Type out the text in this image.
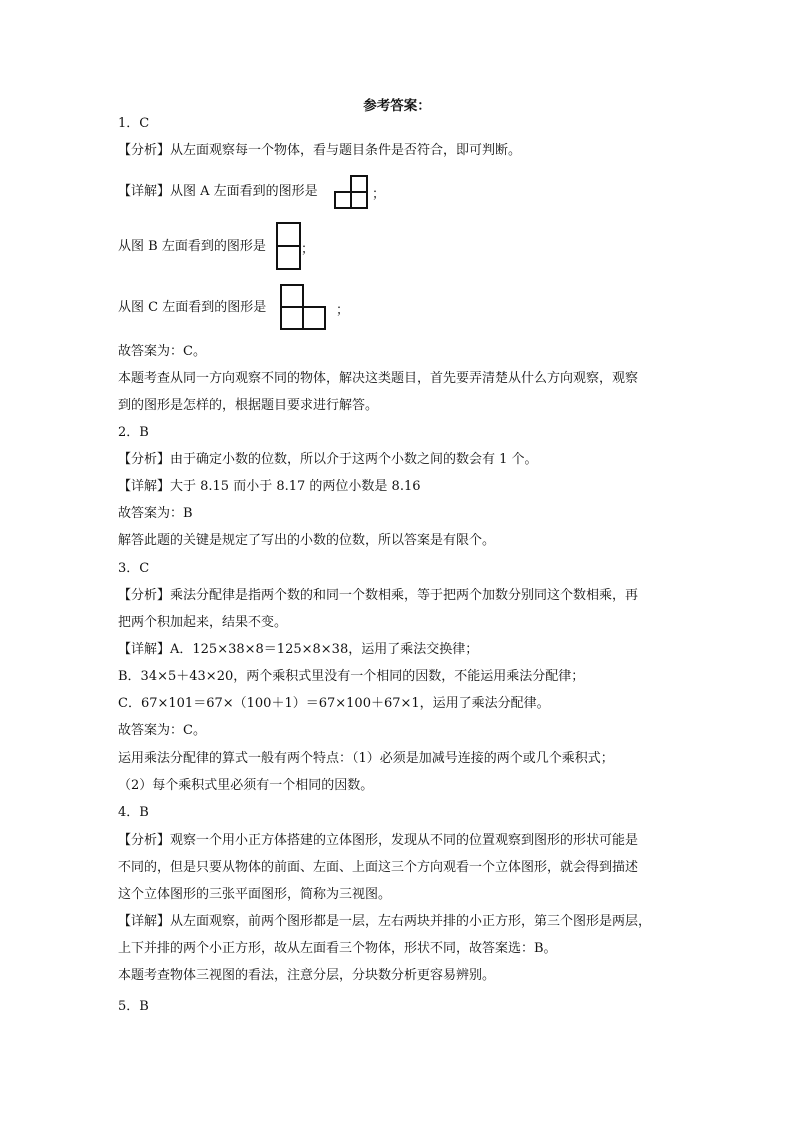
参考答案：
1．C
【分析】从左面观察每一个物体，看与题目条件是否符合，即可判断。
【详解】从图 A 左面看到的图形是	；
从图 B 左面看到的图形是	；
从图 C 左面看到的图形是	；
故答案为：C。
本题考查从同一方向观察不同的物体，解决这类题目，首先要弄清楚从什么方向观察，观察
到的图形是怎样的，根据题目要求进行解答。
2．B
【分析】由于确定小数的位数，所以介于这两个小数之间的数会有 1 个。
【详解】大于 8.15 而小于 8.17 的两位小数是 8.16
故答案为：B
解答此题的关键是规定了写出的小数的位数，所以答案是有限个。
3．C
【分析】乘法分配律是指两个数的和同一个数相乘，等于把两个加数分别同这个数相乘，再
把两个积加起来，结果不变。
【详解】A．125×38×8＝125×8×38，运用了乘法交换律；
B．34×5＋43×20，两个乘积式里没有一个相同的因数，不能运用乘法分配律；
C．67×101＝67×（100＋1）＝67×100＋67×1，运用了乘法分配律。
故答案为：C。
运用乘法分配律的算式一般有两个特点：（1）必须是加减号连接的两个或几个乘积式；
（2）每个乘积式里必须有一个相同的因数。
4．B
【分析】观察一个用小正方体搭建的立体图形，发现从不同的位置观察到图形的形状可能是
不同的，但是只要从物体的前面、左面、上面这三个方向观看一个立体图形，就会得到描述
这个立体图形的三张平面图形，简称为三视图。
【详解】从左面观察，前两个图形都是一层，左右两块并排的小正方形，第三个图形是两层，
上下并排的两个小正方形，故从左面看三个物体，形状不同，故答案选：B。
本题考查物体三视图的看法，注意分层，分块数分析更容易辨别。
5．B
